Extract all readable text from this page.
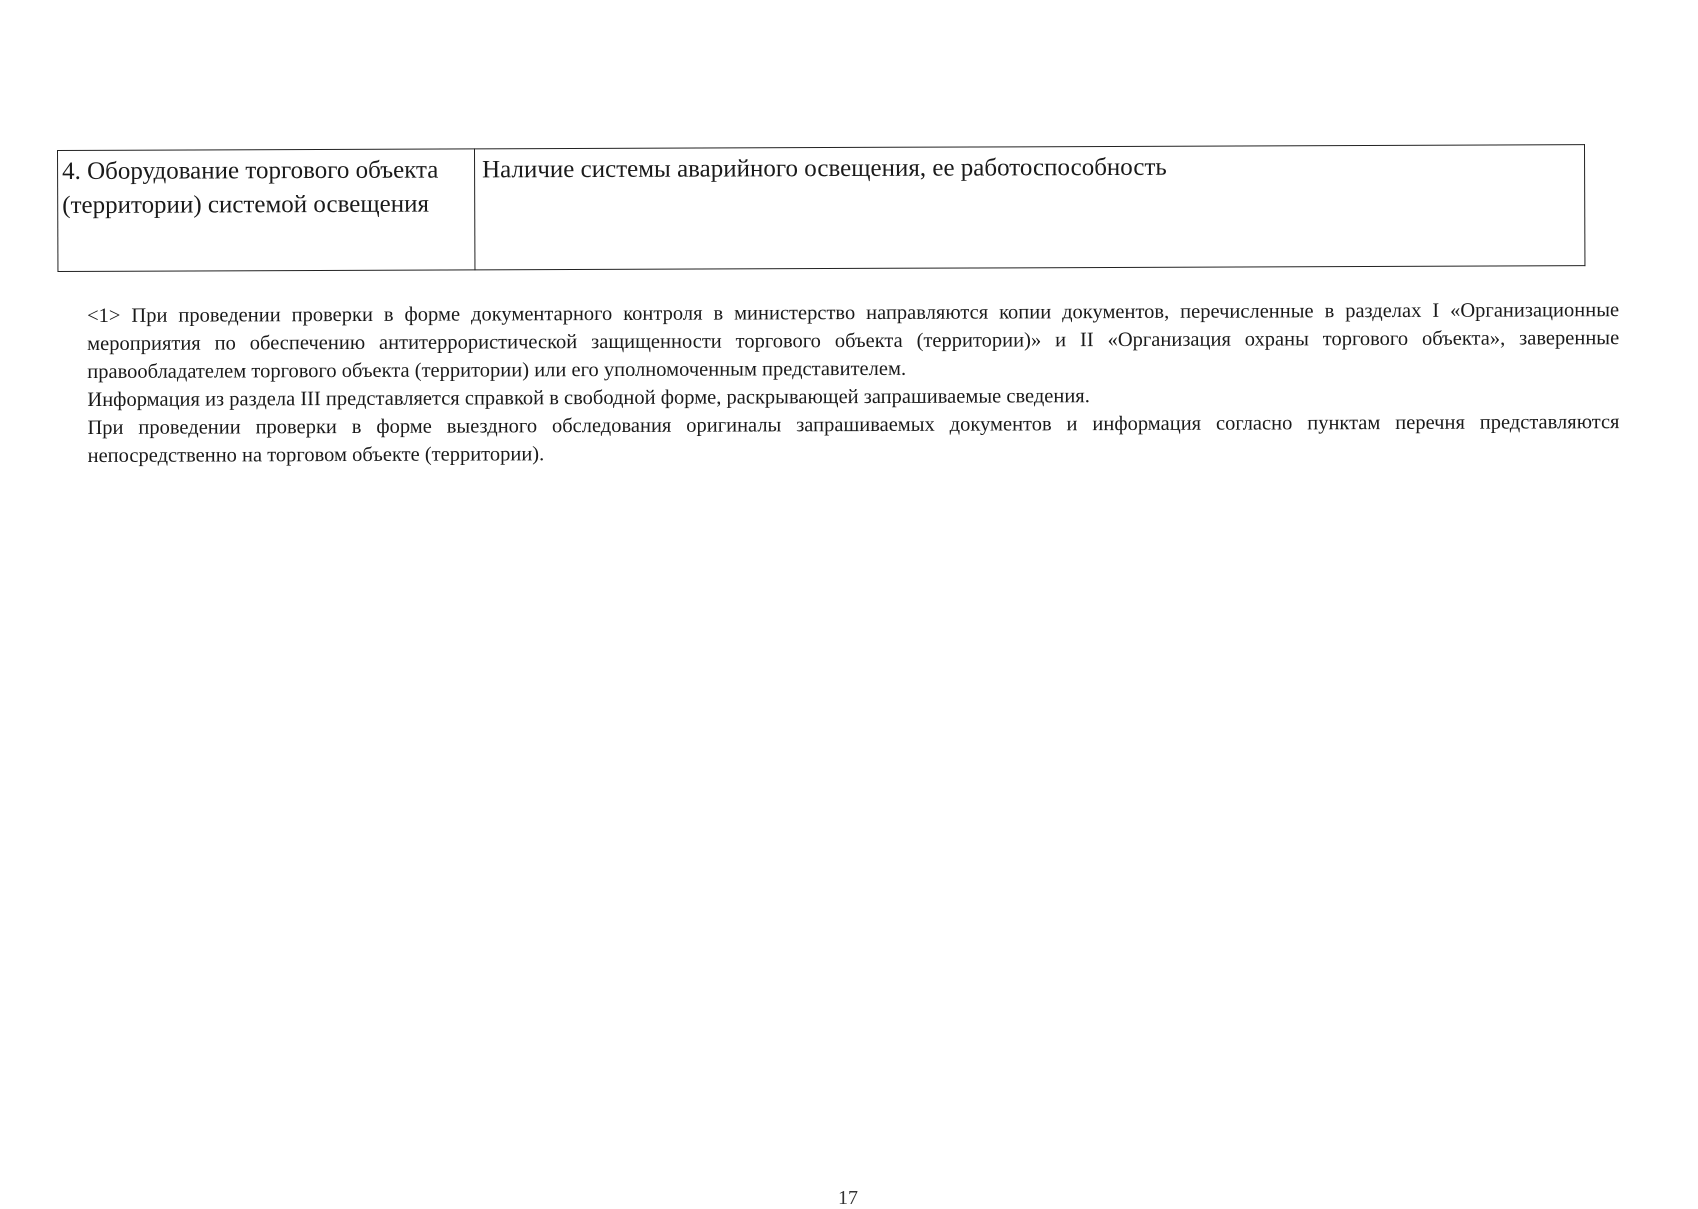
4. Оборудование торгового объекта (территории) системой освещения	Наличие системы аварийного освещения, ее работоспособность

<1> При проведении проверки в форме документарного контроля в министерство направляются копии документов, перечисленные в разделах I «Организационные мероприятия по обеспечению антитеррористической защищенности торгового объекта (территории)» и II «Организация охраны торгового объекта», заверенные правообладателем торгового объекта (территории) или его уполномоченным представителем.

Информация из раздела III представляется справкой в свободной форме, раскрывающей запрашиваемые сведения.

При проведении проверки в форме выездного обследования оригиналы запрашиваемых документов и информация согласно пунктам перечня представляются непосредственно на торговом объекте (территории).

17
